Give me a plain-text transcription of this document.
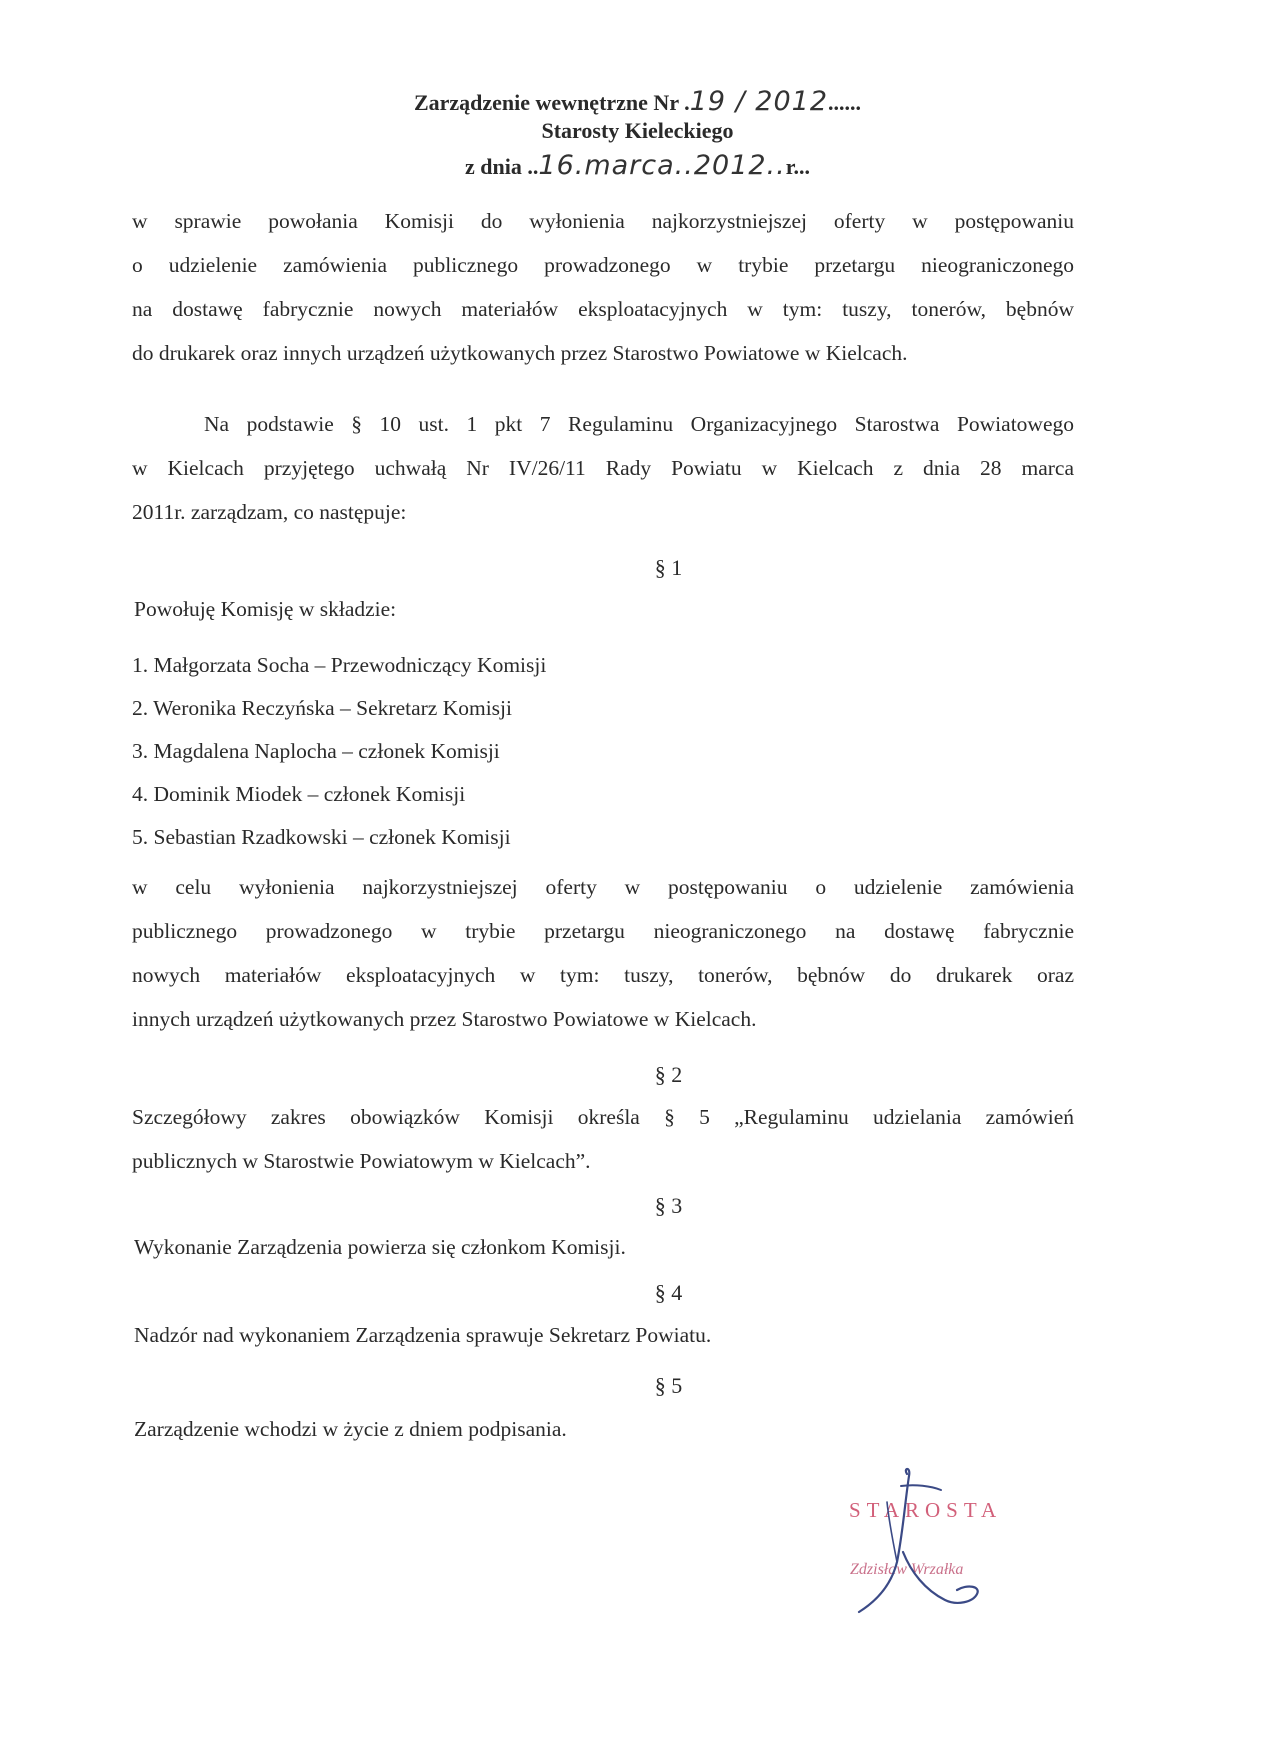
Zarządzenie wewnętrzne Nr .19 / 2012......
Starosty Kieleckiego
z dnia ..16.marca..2012..r...
w sprawie powołania Komisji do wyłonienia najkorzystniejszej oferty w postępowaniu
o udzielenie zamówienia publicznego prowadzonego w trybie przetargu nieograniczonego
na dostawę fabrycznie nowych materiałów eksploatacyjnych w tym: tuszy, tonerów, bębnów
do drukarek oraz innych urządzeń użytkowanych przez Starostwo Powiatowe w Kielcach.
Na podstawie § 10 ust. 1 pkt 7 Regulaminu Organizacyjnego Starostwa Powiatowego
w Kielcach przyjętego uchwałą Nr IV/26/11 Rady Powiatu w Kielcach z dnia 28 marca
2011r. zarządzam, co następuje:
§ 1
Powołuję Komisję w składzie:
1. Małgorzata Socha – Przewodniczący Komisji
2. Weronika Reczyńska – Sekretarz Komisji
3. Magdalena Naplocha – członek Komisji
4. Dominik Miodek – członek Komisji
5. Sebastian Rzadkowski – członek Komisji
w celu wyłonienia najkorzystniejszej oferty w postępowaniu o udzielenie zamówienia
publicznego prowadzonego w trybie przetargu nieograniczonego na dostawę fabrycznie
nowych materiałów eksploatacyjnych w tym: tuszy, tonerów, bębnów do drukarek oraz
innych urządzeń użytkowanych przez Starostwo Powiatowe w Kielcach.
§ 2
Szczegółowy zakres obowiązków Komisji określa § 5 „Regulaminu udzielania zamówień
publicznych w Starostwie Powiatowym w Kielcach”.
§ 3
Wykonanie Zarządzenia powierza się członkom Komisji.
§ 4
Nadzór nad wykonaniem Zarządzenia sprawuje Sekretarz Powiatu.
§ 5
Zarządzenie wchodzi w życie z dniem podpisania.
STAROSTA
Zdzisław Wrzałka
